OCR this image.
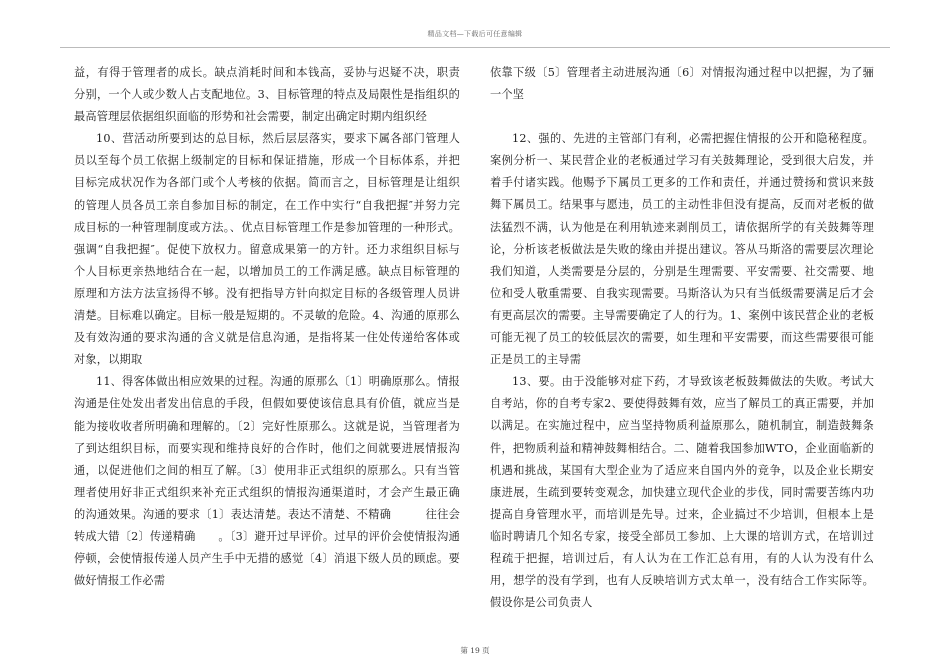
精品文档—下载后可任意编辑

益，有得于管理者的成长。缺点消耗时间和本钱高，妥协与迟疑不决，职责分别，一个人或少数人占支配地位。3、目标管理的特点及局限性是指组织的最高管理层依据组织面临的形势和社会需要，制定出确定时期内组织经

10、营活动所要到达的总目标，然后层层落实，要求下属各部门管理人员以至每个员工依据上级制定的目标和保证措施，形成一个目标体系，并把目标完成状况作为各部门或个人考核的依据。简而言之，目标管理是让组织的管理人员各员工亲自参加目标的制定，在工作中实行“自我把握″并努力完成目标的一种管理制度或方法。、优点目标管理工作是参加管理的一种形式。强调“自我把握″。促使下放权力。留意成果第一的方针。还力求组织目标与个人目标更亲热地结合在一起，以增加员工的工作满足感。缺点目标管理的原理和方法方法宣扬得不够。没有把指导方针向拟定目标的各级管理人员讲清楚。目标难以确定。目标一般是短期的。不灵敏的危险。4、沟通的原那么及有效沟通的要求沟通的含义就是信息沟通，是指将某一住处传递给客体或对象，以期取

11、得客体做出相应效果的过程。沟通的原那么〔1〕明确原那么。情报沟通是住处发出者发出信息的手段，但假如要使该信息具有价值，就应当是能为接收收者所明确和理解的。〔2〕完好性原那么。这就是说，当管理者为了到达组织目标，而要实现和维持良好的合作时，他们之间就要进展情报沟通，以促进他们之间的相互了解。〔3〕使用非正式组织的原那么。只有当管理者使用好非正式组织来补充正式组织的情报沟通渠道时，才会产生最正确的沟通效果。沟通的要求〔1〕表达清楚。表达不清楚、不精确　　　往往会转成大错〔2〕传递精确　　。〔3〕避开过早评价。过早的评价会使情报沟通停顿，会使情报传递人员产生手中无措的感觉〔4〕消退下级人员的顾虑。要做好情报工作必需

依靠下级〔5〕管理者主动进展沟通〔6〕对情报沟通过程中以把握，为了骊一个坚

12、强的、先进的主管部门有利，必需把握住情报的公开和隐秘程度。案例分析一、某民营企业的老板通过学习有关鼓舞理论，受到很大启发，并着手付诸实践。他赐予下属员工更多的工作和责任，并通过赞扬和赏识来鼓舞下属员工。结果事与愿违，员工的主动性非但没有提高，反而对老板的做法猛烈不满，认为他是在利用轨迹来剥削员工，请依据所学的有关鼓舞等理论，分析该老板做法是失败的缘由并提出建议。答从马斯洛的需要层次理论我们知道，人类需要是分层的，分别是生理需要、平安需要、社交需要、地位和受人敬重需要、自我实现需要。马斯洛认为只有当低级需要满足后才会有更高层次的需要。主导需要确定了人的行为。1、案例中该民营企业的老板可能无视了员工的较低层次的需要，如生理和平安需要，而这些需要很可能正是员工的主导需

13、要。由于没能够对症下药，才导致该老板鼓舞做法的失败。考试大自考站，你的自考专家2、要使得鼓舞有效，应当了解员工的真正需要，并加以满足。在实施过程中，应当坚持物质利益原那么，随机制宜，制造鼓舞条件，把物质利益和精神鼓舞相结合。二、随着我国参加WTO，企业面临新的机遇和挑战，某国有大型企业为了适应来自国内外的竞争，以及企业长期安康进展，生疏到要转变观念，加快建立现代企业的步伐，同时需要苦练内功提高自身管理水平，而培训是先导。过来，企业搞过不少培训，但根本上是临时聘请几个知名专家，接受全部员工参加、上大课的培训方式，在培训过程疏于把握，培训过后，有人认为在工作汇总有用，有的人认为没有什么用，想学的没有学到，也有人反映培训方式太单一，没有结合工作实际等。假设你是公司负责人

第 19 页
